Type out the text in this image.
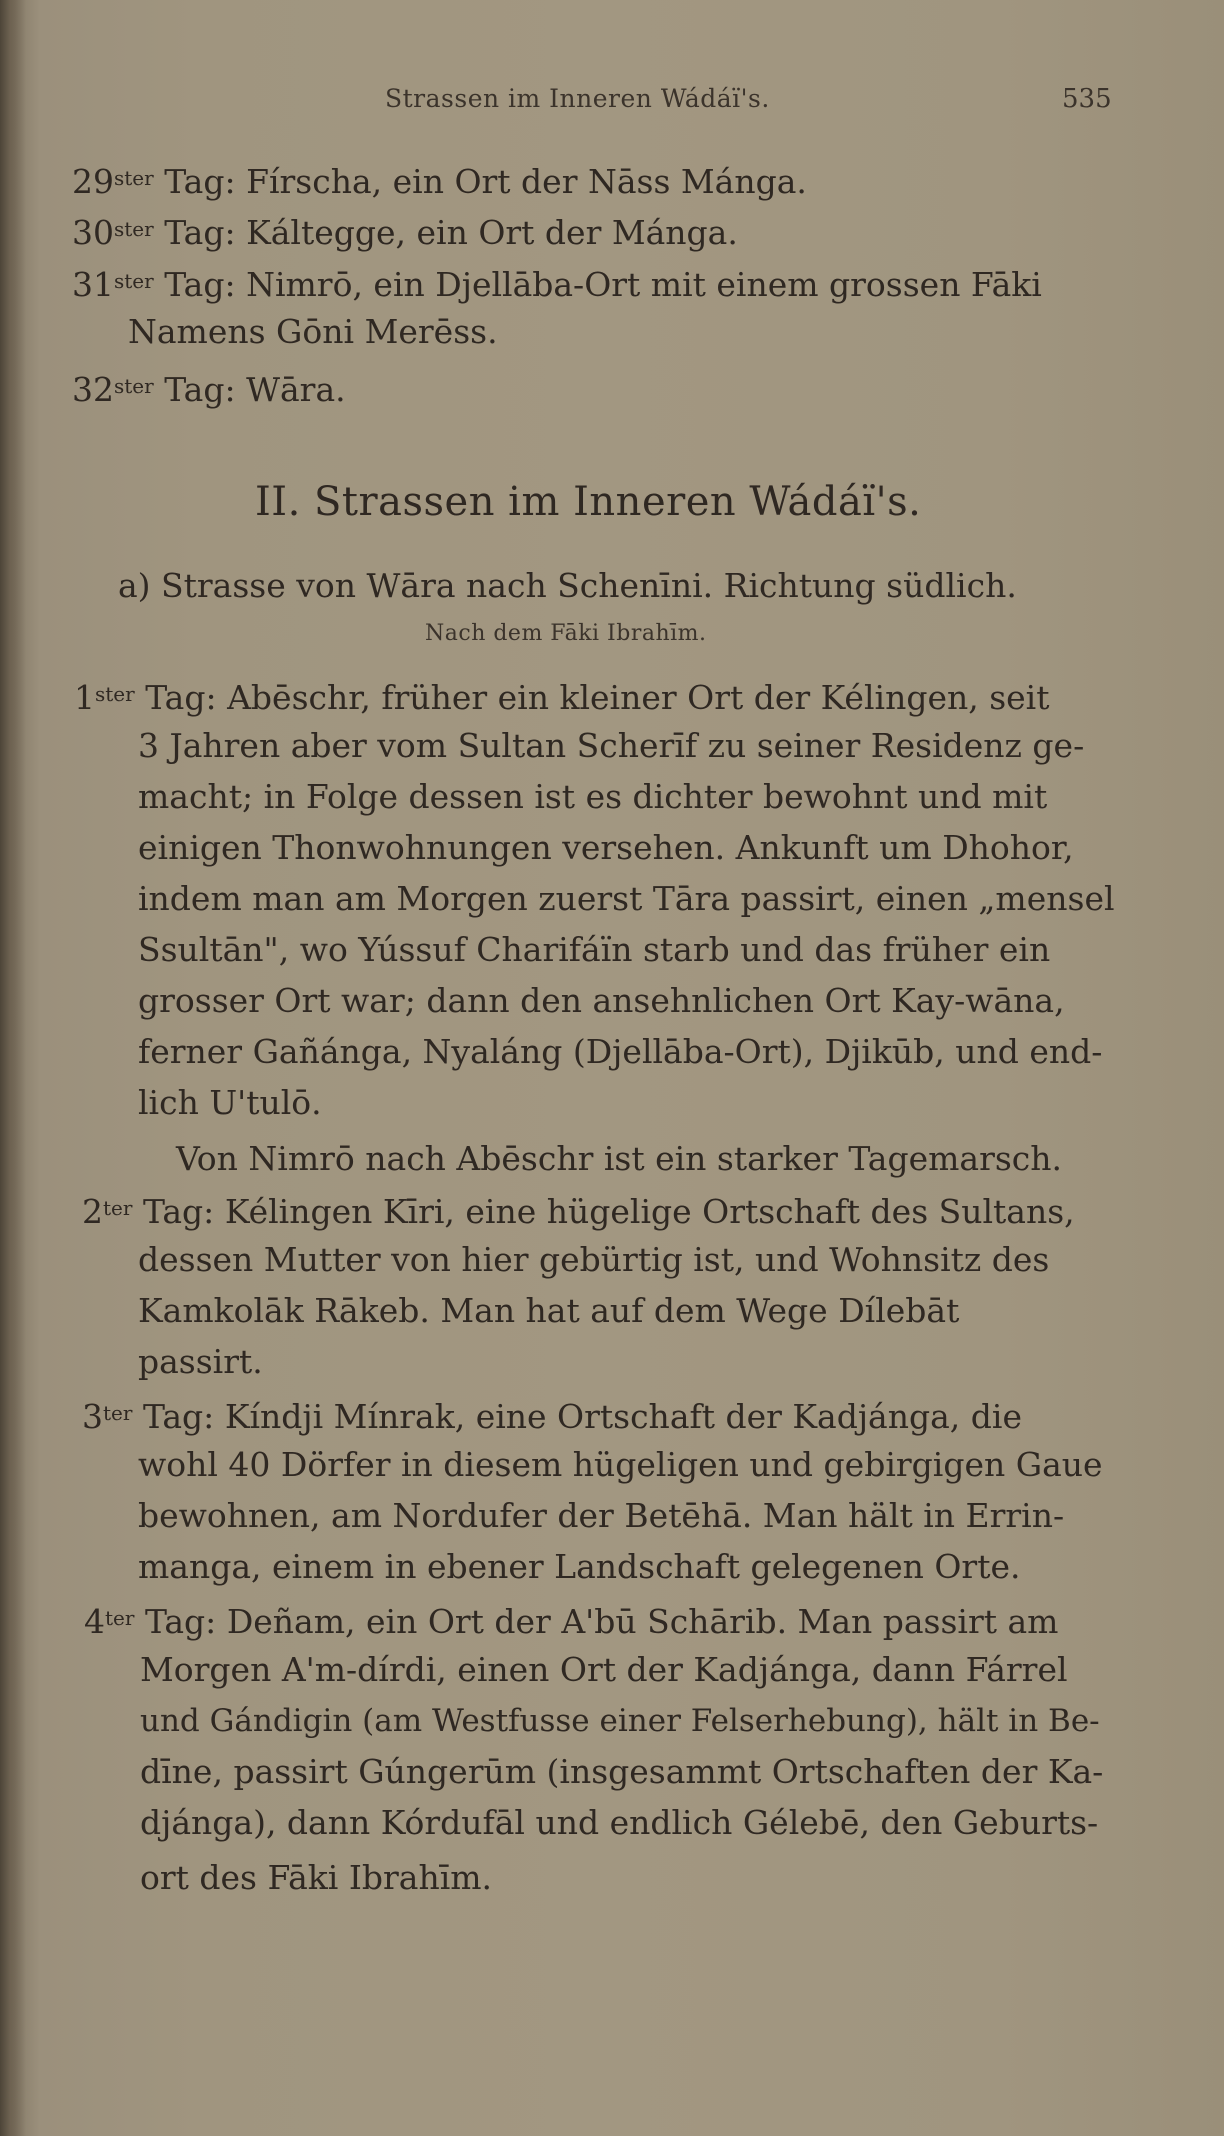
Strassen im Inneren Wádáï's.	535
$29^{ster}$ Tag: Fírscha, ein Ort der Nāss Mánga.
$30^{ster}$ Tag: Káltegge, ein Ort der Mánga.
$31^{ster}$ Tag: Nimrō, ein Djellāba-Ort mit einem grossen Fāki
Namens Gōni Merēss.
$32^{ster}$ Tag: Wāra.
II. Strassen im Inneren Wádáï's.
a) Strasse von Wāra nach Schenīni. Richtung südlich.
Nach dem Fāki Ibrahīm.
$1^{ster}$ Tag: Abēschr, früher ein kleiner Ort der Kélingen, seit
3 Jahren aber vom Sultan Scherīf zu seiner Residenz ge-
macht; in Folge dessen ist es dichter bewohnt und mit
einigen Thonwohnungen versehen. Ankunft um Dhohor,
indem man am Morgen zuerst Tāra passirt, einen „mensel
Ssultān", wo Yússuf Charifáïn starb und das früher ein
grosser Ort war; dann den ansehnlichen Ort Kay-wāna,
ferner Gañánga, Nyaláng (Djellāba-Ort), Djikūb, und end-
lich U'tulō.
Von Nimrō nach Abēschr ist ein starker Tagemarsch.
$2^{ter}$ Tag: Kélingen Kīri, eine hügelige Ortschaft des Sultans,
dessen Mutter von hier gebürtig ist, und Wohnsitz des
Kamkolāk Rākeb. Man hat auf dem Wege Dílebāt
passirt.
$3^{ter}$ Tag: Kíndji Mínrak, eine Ortschaft der Kadjánga, die
wohl 40 Dörfer in diesem hügeligen und gebirgigen Gaue
bewohnen, am Nordufer der Betēhā. Man hält in Errin-
manga, einem in ebener Landschaft gelegenen Orte.
$4^{ter}$ Tag: Deñam, ein Ort der A'bū Schārib. Man passirt am
Morgen A'm-dírdi, einen Ort der Kadjánga, dann Fárrel
und Gándigin (am Westfusse einer Felserhebung), hält in Be-
dīne, passirt Gúngerūm (insgesammt Ortschaften der Ka-
djánga), dann Kórdufāl und endlich Gélebē, den Geburts-
ort des Fāki Ibrahīm.
